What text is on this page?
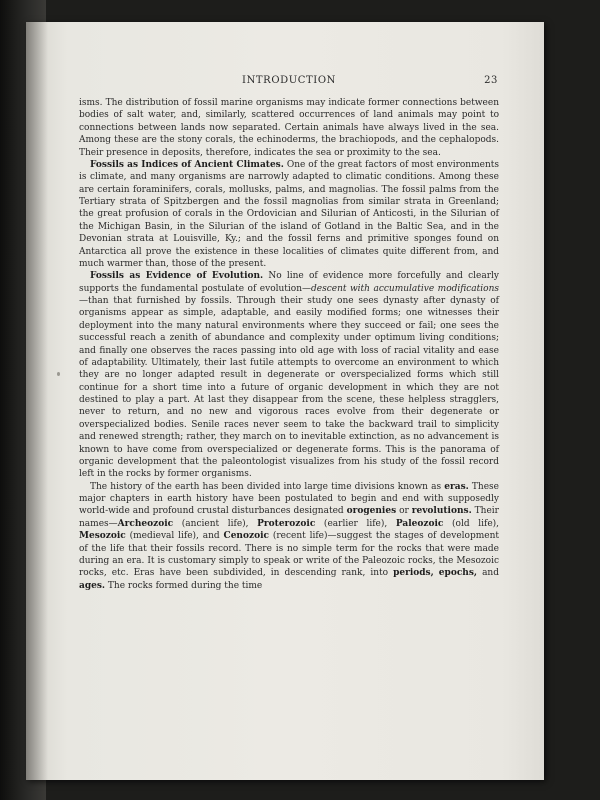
INTRODUCTION	23

isms. The distribution of fossil marine organisms may indicate former connections between bodies of salt water, and, similarly, scattered occurrences of land animals may point to connections between lands now separated. Certain animals have always lived in the sea. Among these are the stony corals, the echinoderms, the brachiopods, and the cephalopods. Their presence in deposits, therefore, indicates the sea or proximity to the sea.

Fossils as Indices of Ancient Climates. One of the great factors of most environments is climate, and many organisms are narrowly adapted to climatic conditions. Among these are certain foraminifers, corals, mollusks, palms, and magnolias. The fossil palms from the Tertiary strata of Spitzbergen and the fossil magnolias from similar strata in Greenland; the great profusion of corals in the Ordovician and Silurian of Anticosti, in the Silurian of the Michigan Basin, in the Silurian of the island of Gotland in the Baltic Sea, and in the Devonian strata at Louisville, Ky.; and the fossil ferns and primitive sponges found on Antarctica all prove the existence in these localities of climates quite different from, and much warmer than, those of the present.

Fossils as Evidence of Evolution. No line of evidence more forcefully and clearly supports the fundamental postulate of evolution—descent with accumulative modifications—than that furnished by fossils. Through their study one sees dynasty after dynasty of organisms appear as simple, adaptable, and easily modified forms; one witnesses their deployment into the many natural environments where they succeed or fail; one sees the successful reach a zenith of abundance and complexity under optimum living conditions; and finally one observes the races passing into old age with loss of racial vitality and ease of adaptability. Ultimately, their last futile attempts to overcome an environment to which they are no longer adapted result in degenerate or overspecialized forms which still continue for a short time into a future of organic development in which they are not destined to play a part. At last they disappear from the scene, these helpless stragglers, never to return, and no new and vigorous races evolve from their degenerate or overspecialized bodies. Senile races never seem to take the backward trail to simplicity and renewed strength; rather, they march on to inevitable extinction, as no advancement is known to have come from overspecialized or degenerate forms. This is the panorama of organic development that the paleontologist visualizes from his study of the fossil record left in the rocks by former organisms.

The history of the earth has been divided into large time divisions known as eras. These major chapters in earth history have been postulated to begin and end with supposedly world-wide and profound crustal disturbances designated orogenies or revolutions. Their names—Archeozoic (ancient life), Proterozoic (earlier life), Paleozoic (old life), Mesozoic (medieval life), and Cenozoic (recent life)—suggest the stages of development of the life that their fossils record. There is no simple term for the rocks that were made during an era. It is customary simply to speak or write of the Paleozoic rocks, the Mesozoic rocks, etc. Eras have been subdivided, in descending rank, into periods, epochs, and ages. The rocks formed during the time
